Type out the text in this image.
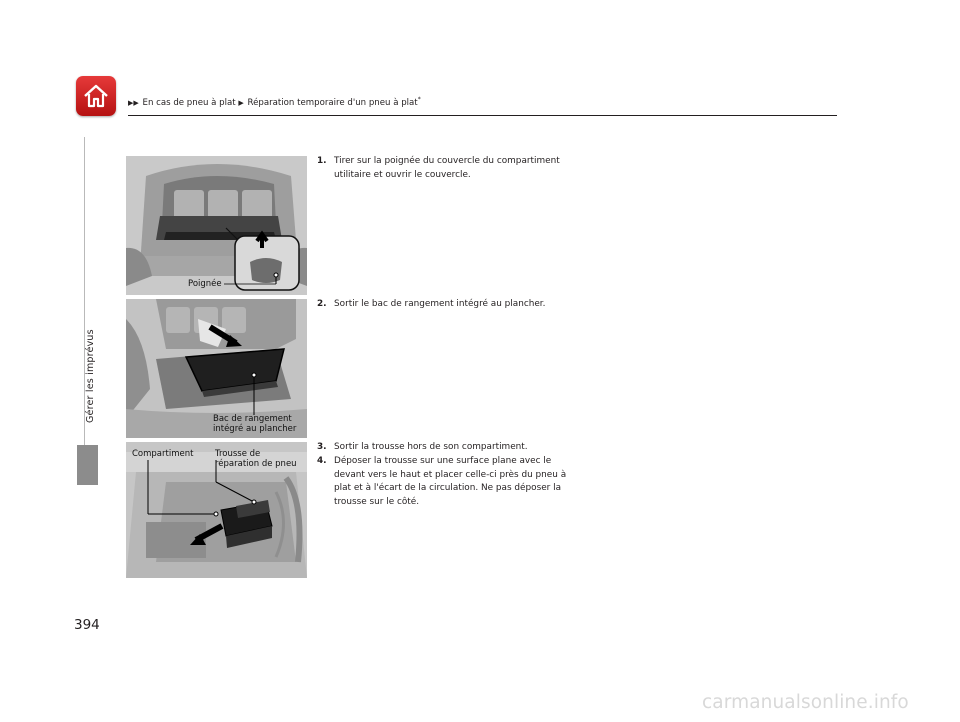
▶▶ En cas de pneu à plat ▶ Réparation temporaire d'un pneu à plat*
Gérer les imprévus
394
Poignée
Bac de rangement
intégré au plancher
Compartiment	Trousse de
réparation de pneu
1. Tirer sur la poignée du couvercle du compartiment utilitaire et ouvrir le couvercle.
2. Sortir le bac de rangement intégré au plancher.
3. Sortir la trousse hors de son compartiment.
4. Déposer la trousse sur une surface plane avec le devant vers le haut et placer celle-ci près du pneu à plat et à l'écart de la circulation. Ne pas déposer la trousse sur le côté.
carmanualsonline.info
